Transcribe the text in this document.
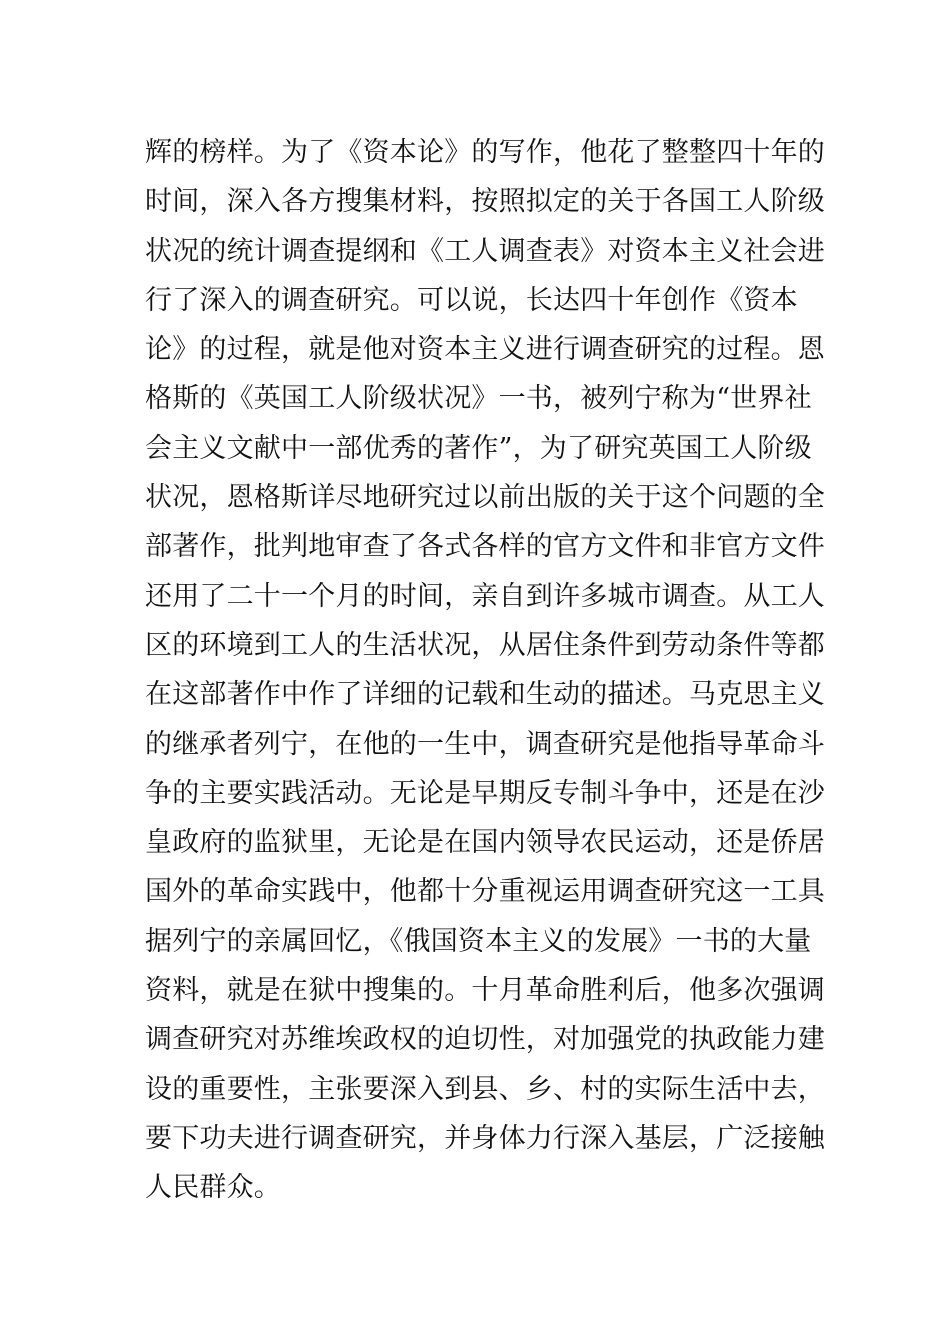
辉的榜样。为了《资本论》的写作，他花了整整四十年的
时间，深入各方搜集材料，按照拟定的关于各国工人阶级
状况的统计调查提纲和《工人调查表》对资本主义社会进
行了深入的调查研究。可以说，长达四十年创作《资本
论》的过程，就是他对资本主义进行调查研究的过程。恩
格斯的《英国工人阶级状况》一书，被列宁称为“世界社
会主义文献中一部优秀的著作”，为了研究英国工人阶级
状况，恩格斯详尽地研究过以前出版的关于这个问题的全
部著作，批判地审查了各式各样的官方文件和非官方文件
还用了二十一个月的时间，亲自到许多城市调查。从工人
区的环境到工人的生活状况，从居住条件到劳动条件等都
在这部著作中作了详细的记载和生动的描述。马克思主义
的继承者列宁，在他的一生中，调查研究是他指导革命斗
争的主要实践活动。无论是早期反专制斗争中，还是在沙
皇政府的监狱里，无论是在国内领导农民运动，还是侨居
国外的革命实践中，他都十分重视运用调查研究这一工具
据列宁的亲属回忆，《俄国资本主义的发展》一书的大量
资料，就是在狱中搜集的。十月革命胜利后，他多次强调
调查研究对苏维埃政权的迫切性，对加强党的执政能力建
设的重要性，主张要深入到县、乡、村的实际生活中去，
要下功夫进行调查研究，并身体力行深入基层，广泛接触
人民群众。
